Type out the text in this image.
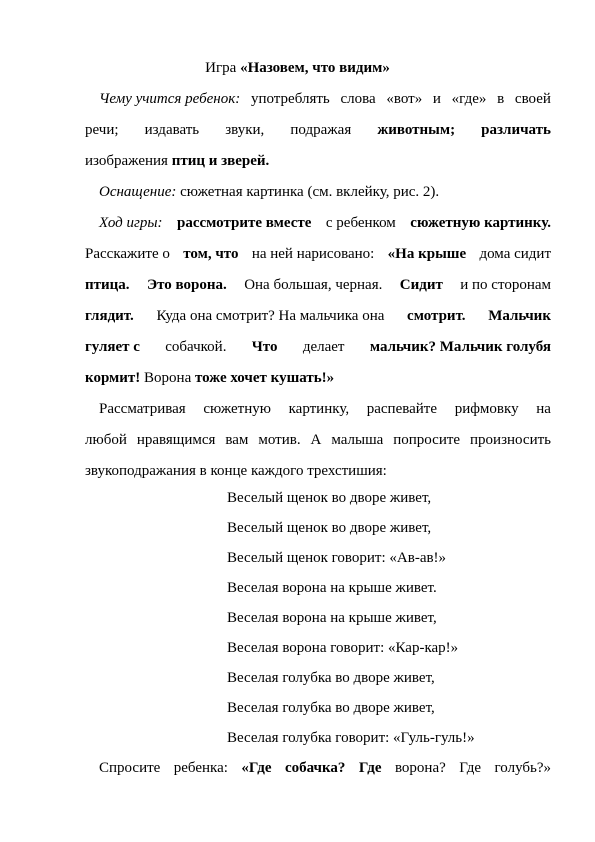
Игра «Назовем, что видим»
Чему учится ребенок: употреблять слова «вот» и «где» в своей
речи; издавать звуки, подражая животным; различать
изображения птиц и зверей.
Оснащение: сюжетная картинка (см. вклейку, рис. 2).
Ход игры: рассмотрите вместе с ребенком сюжетную картинку.
Расскажите о том, что на ней нарисовано: «На крыше дома сидит
птица. Это ворона. Она большая, черная. Сидит и по сторонам
глядит. Куда она смотрит? На мальчика она смотрит. Мальчик
гуляет с собачкой. Что делает мальчик? Мальчик голубя
кормит! Ворона тоже хочет кушать!»
Рассматривая сюжетную картинку, распевайте рифмовку на
любой нравящимся вам мотив. А малыша попросите произносить
звукоподражания в конце каждого трехстишия:
Веселый щенок во дворе живет,
Веселый щенок во дворе живет,
Веселый щенок говорит: «Ав-ав!»
Веселая ворона на крыше живет.
Веселая ворона на крыше живет,
Веселая ворона говорит: «Кар-кар!»
Веселая голубка во дворе живет,
Веселая голубка во дворе живет,
Веселая голубка говорит: «Гуль-гуль!»
Спросите ребенка: «Где собачка? Где ворона? Где голубь?»
